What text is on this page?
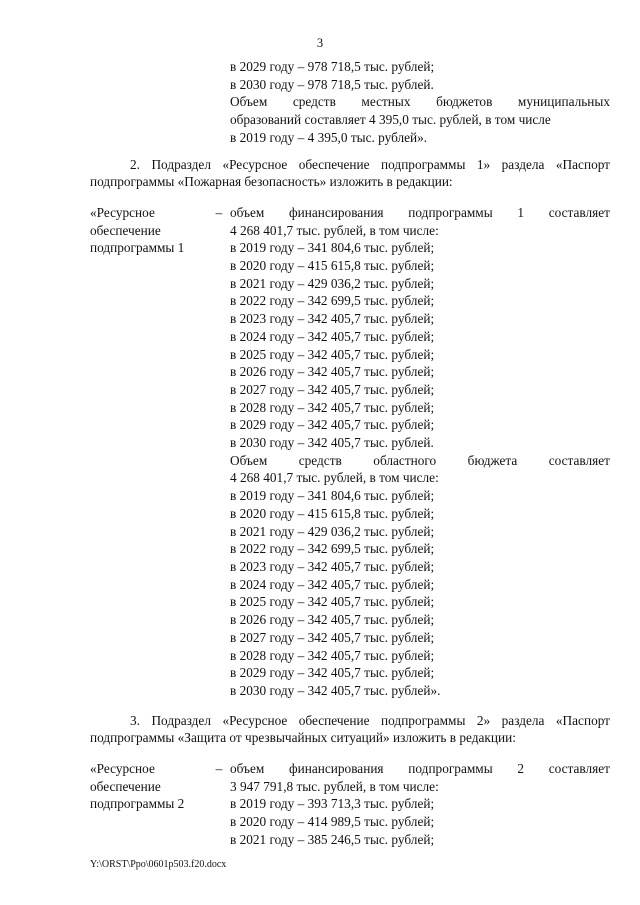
3
в 2029 году – 978 718,5 тыс. рублей;
в 2030 году – 978 718,5 тыс. рублей.
Объем средств местных бюджетов муниципальных
образований составляет 4 395,0 тыс. рублей, в том числе
в 2019 году – 4 395,0 тыс. рублей».
2. Подраздел «Ресурсное обеспечение подпрограммы 1» раздела «Паспорт подпрограммы «Пожарная безопасность» изложить в редакции:
«Ресурсное
обеспечение
подпрограммы 1
– объем финансирования подпрограммы 1 составляет
4 268 401,7 тыс. рублей, в том числе:
в 2019 году – 341 804,6 тыс. рублей;
в 2020 году – 415 615,8 тыс. рублей;
в 2021 году – 429 036,2 тыс. рублей;
в 2022 году – 342 699,5 тыс. рублей;
в 2023 году – 342 405,7 тыс. рублей;
в 2024 году – 342 405,7 тыс. рублей;
в 2025 году – 342 405,7 тыс. рублей;
в 2026 году – 342 405,7 тыс. рублей;
в 2027 году – 342 405,7 тыс. рублей;
в 2028 году – 342 405,7 тыс. рублей;
в 2029 году – 342 405,7 тыс. рублей;
в 2030 году – 342 405,7 тыс. рублей.
Объем средств областного бюджета составляет
4 268 401,7 тыс. рублей, в том числе:
в 2019 году – 341 804,6 тыс. рублей;
в 2020 году – 415 615,8 тыс. рублей;
в 2021 году – 429 036,2 тыс. рублей;
в 2022 году – 342 699,5 тыс. рублей;
в 2023 году – 342 405,7 тыс. рублей;
в 2024 году – 342 405,7 тыс. рублей;
в 2025 году – 342 405,7 тыс. рублей;
в 2026 году – 342 405,7 тыс. рублей;
в 2027 году – 342 405,7 тыс. рублей;
в 2028 году – 342 405,7 тыс. рублей;
в 2029 году – 342 405,7 тыс. рублей;
в 2030 году – 342 405,7 тыс. рублей».
3. Подраздел «Ресурсное обеспечение подпрограммы 2» раздела «Паспорт подпрограммы «Защита от чрезвычайных ситуаций» изложить в редакции:
«Ресурсное
обеспечение
подпрограммы 2
– объем финансирования подпрограммы 2 составляет
3 947 791,8 тыс. рублей, в том числе:
в 2019 году – 393 713,3 тыс. рублей;
в 2020 году – 414 989,5 тыс. рублей;
в 2021 году – 385 246,5 тыс. рублей;
Y:\ORST\Ppo\0601p503.f20.docx
